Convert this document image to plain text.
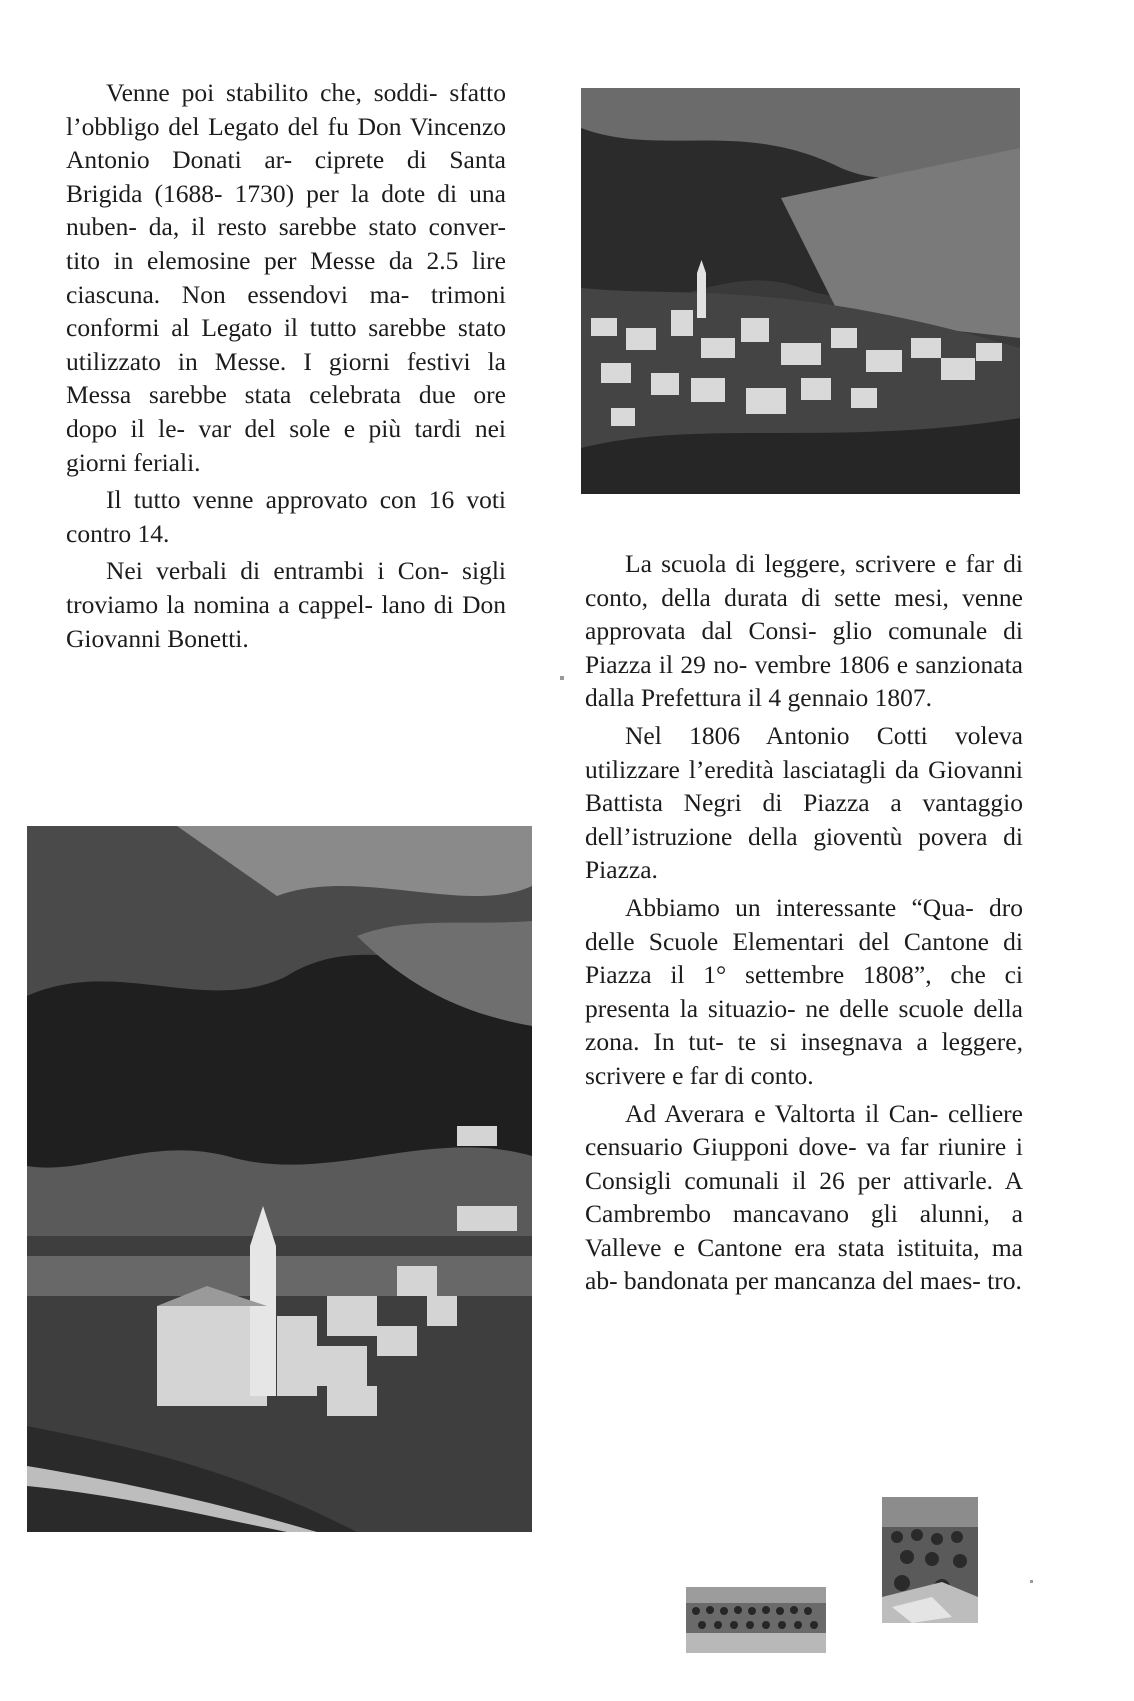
Venne poi stabilito che, soddi- sfatto l’obbligo del Legato del fu Don Vincenzo Antonio Donati ar- ciprete di Santa Brigida (1688- 1730) per la dote di una nuben- da, il resto sarebbe stato conver- tito in elemosine per Messe da 2.5 lire ciascuna. Non essendovi ma- trimoni conformi al Legato il tutto sarebbe stato utilizzato in Messe. I giorni festivi la Messa sarebbe stata celebrata due ore dopo il le- var del sole e più tardi nei giorni feriali.

Il tutto venne approvato con 16 voti contro 14.

Nei verbali di entrambi i Con- sigli troviamo la nomina a cappel- lano di Don Giovanni Bonetti.

La scuola di leggere, scrivere e far di conto, della durata di sette mesi, venne approvata dal Consi- glio comunale di Piazza il 29 no- vembre 1806 e sanzionata dalla Prefettura il 4 gennaio 1807.

Nel 1806 Antonio Cotti voleva utilizzare l’eredità lasciatagli da Giovanni Battista Negri di Piazza a vantaggio dell’istruzione della gioventù povera di Piazza.

Abbiamo un interessante “Qua- dro delle Scuole Elementari del Cantone di Piazza il 1° settembre 1808”, che ci presenta la situazio- ne delle scuole della zona. In tut- te si insegnava a leggere, scrivere e far di conto.

Ad Averara e Valtorta il Can- celliere censuario Giupponi dove- va far riunire i Consigli comunali il 26 per attivarle. A Cambrembo mancavano gli alunni, a Valleve e Cantone era stata istituita, ma ab- bandonata per mancanza del maes- tro.
